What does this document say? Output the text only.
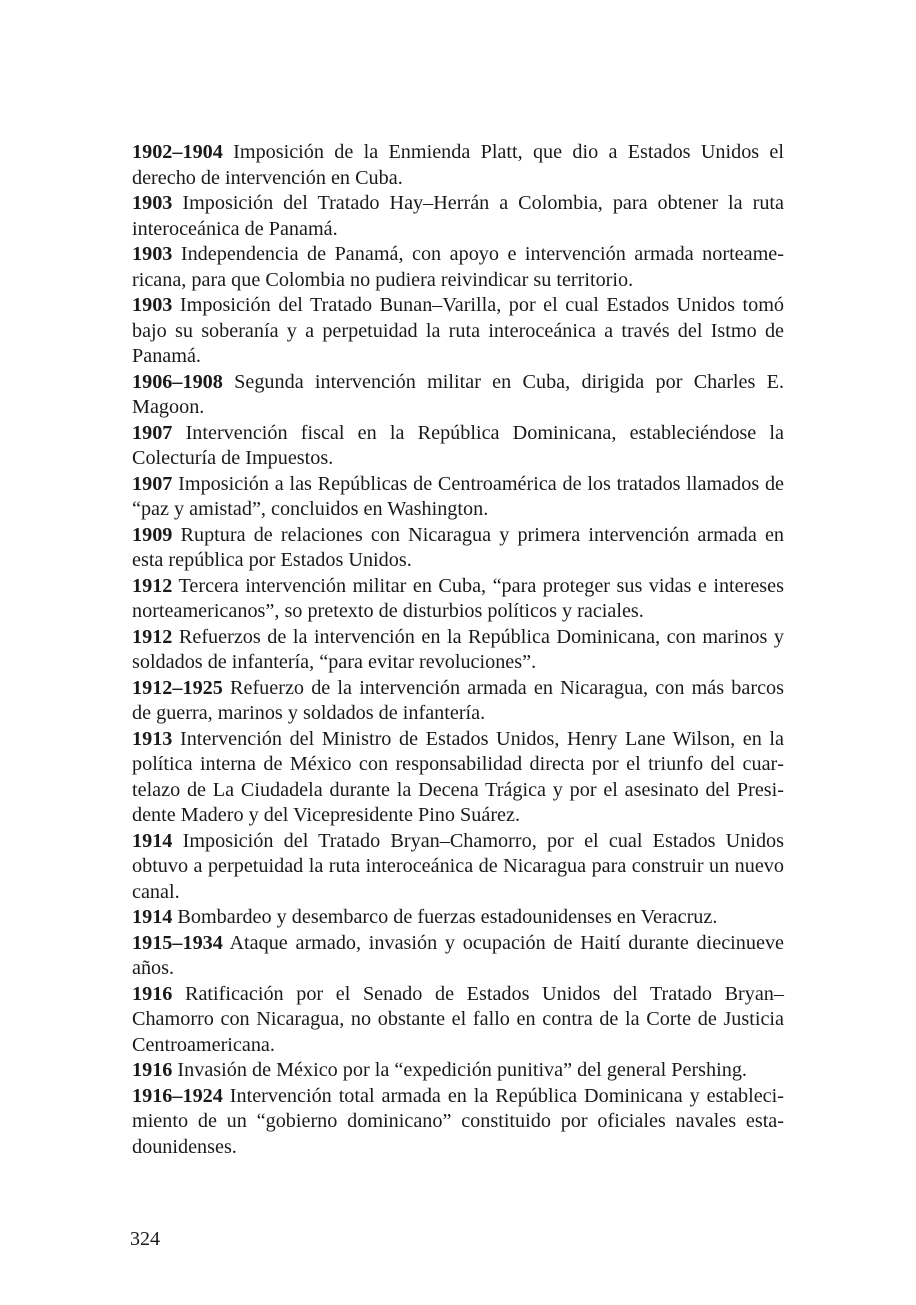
1902–1904 Imposición de la Enmienda Platt, que dio a Estados Unidos el derecho de intervención en Cuba.

1903 Imposición del Tratado Hay–Herrán a Colombia, para obtener la ruta interoceánica de Panamá.

1903 Independencia de Panamá, con apoyo e intervención armada norteamericana, para que Colombia no pudiera reivindicar su territorio.

1903 Imposición del Tratado Bunan–Varilla, por el cual Estados Unidos tomó bajo su soberanía y a perpetuidad la ruta interoceánica a través del Istmo de Panamá.

1906–1908 Segunda intervención militar en Cuba, dirigida por Charles E. Magoon.

1907 Intervención fiscal en la República Dominicana, estableciéndose la Colecturía de Impuestos.

1907 Imposición a las Repúblicas de Centroamérica de los tratados llamados de “paz y amistad”, concluidos en Washington.

1909 Ruptura de relaciones con Nicaragua y primera intervención armada en esta república por Estados Unidos.

1912 Tercera intervención militar en Cuba, “para proteger sus vidas e intereses norteamericanos”, so pretexto de disturbios políticos y raciales.

1912 Refuerzos de la intervención en la República Dominicana, con marinos y soldados de infantería, “para evitar revoluciones”.

1912–1925 Refuerzo de la intervención armada en Nicaragua, con más barcos de guerra, marinos y soldados de infantería.

1913 Intervención del Ministro de Estados Unidos, Henry Lane Wilson, en la política interna de México con responsabilidad directa por el triunfo del cuartelazo de La Ciudadela durante la Decena Trágica y por el asesinato del Presidente Madero y del Vicepresidente Pino Suárez.

1914 Imposición del Tratado Bryan–Chamorro, por el cual Estados Unidos obtuvo a perpetuidad la ruta interoceánica de Nicaragua para construir un nuevo canal.

1914 Bombardeo y desembarco de fuerzas estadounidenses en Veracruz.

1915–1934 Ataque armado, invasión y ocupación de Haití durante diecinueve años.

1916 Ratificación por el Senado de Estados Unidos del Tratado Bryan–Chamorro con Nicaragua, no obstante el fallo en contra de la Corte de Justicia Centroamericana.

1916 Invasión de México por la “expedición punitiva” del general Pershing.

1916–1924 Intervención total armada en la República Dominicana y establecimiento de un “gobierno dominicano” constituido por oficiales navales estadounidenses.

324
